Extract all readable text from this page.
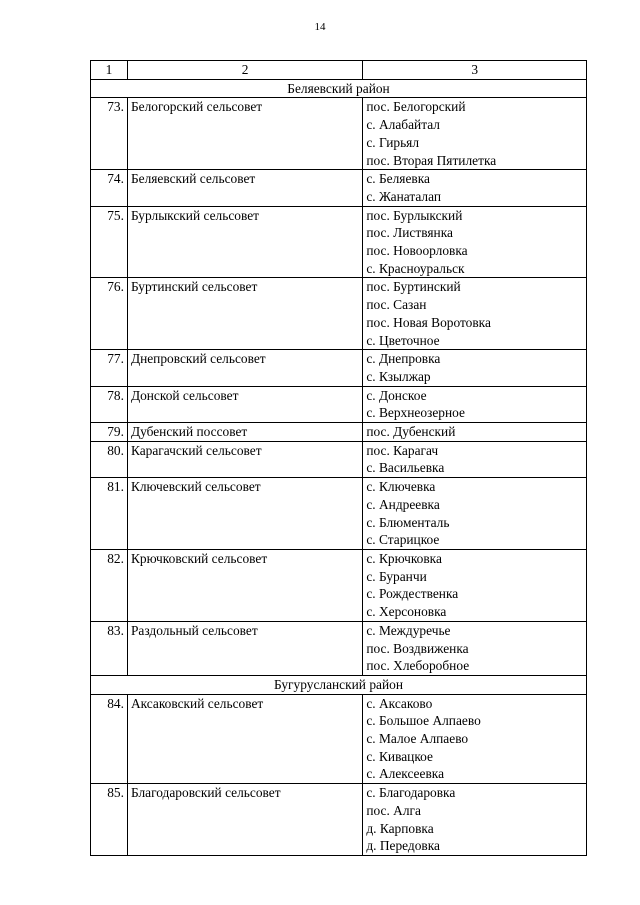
14
1	2	3
Беляевский район		
73.	Белогорский сельсовет	пос. Белогорский
с. Алабайтал
с. Гирьял
пос. Вторая Пятилетка

74.	Беляевский сельсовет	с. Беляевка
с. Жанаталап

75.	Бурлыкский сельсовет	пос. Бурлыкский
пос. Листвянка
пос. Новоорловка
с. Красноуральск

76.	Буртинский сельсовет	пос. Буртинский
пос. Сазан
пос. Новая Воротовка
с. Цветочное

77.	Днепровский сельсовет	с. Днепровка
с. Кзылжар

78.	Донской сельсовет	с. Донское
с. Верхнеозерное

79.	Дубенский поссовет	пос. Дубенский

80.	Карагачский сельсовет	пос. Карагач
с. Васильевка

81.	Ключевский сельсовет	с. Ключевка
с. Андреевка
с. Блюменталь
с. Старицкое

82.	Крючковский сельсовет	с. Крючковка
с. Буранчи
с. Рождественка
с. Херсоновка

83.	Раздольный сельсовет	с. Междуречье
пос. Воздвиженка
пос. Хлеборобное

Бугурусланский район		
84.	Аксаковский сельсовет	с. Аксаково
с. Большое Алпаево
с. Малое Алпаево
с. Кивацкое
с. Алексеевка

85.	Благодаровский сельсовет	с. Благодаровка
пос. Алга
д. Карповка
д. Передовка
